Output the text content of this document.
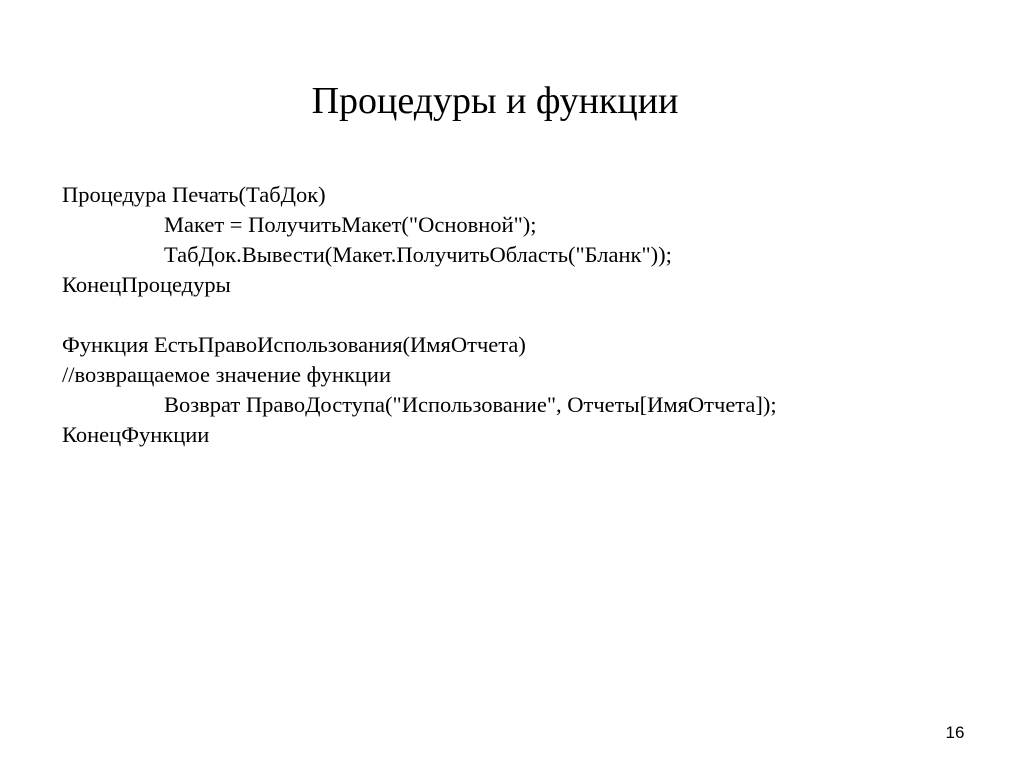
Процедуры и функции
Процедура Печать(ТабДок)
Макет = ПолучитьМакет("Основной");
ТабДок.Вывести(Макет.ПолучитьОбласть("Бланк"));
КонецПроцедуры
Функция ЕстьПравоИспользования(ИмяОтчета)
//возвращаемое значение функции
Возврат ПравоДоступа("Использование", Отчеты[ИмяОтчета]);
КонецФункции
16
